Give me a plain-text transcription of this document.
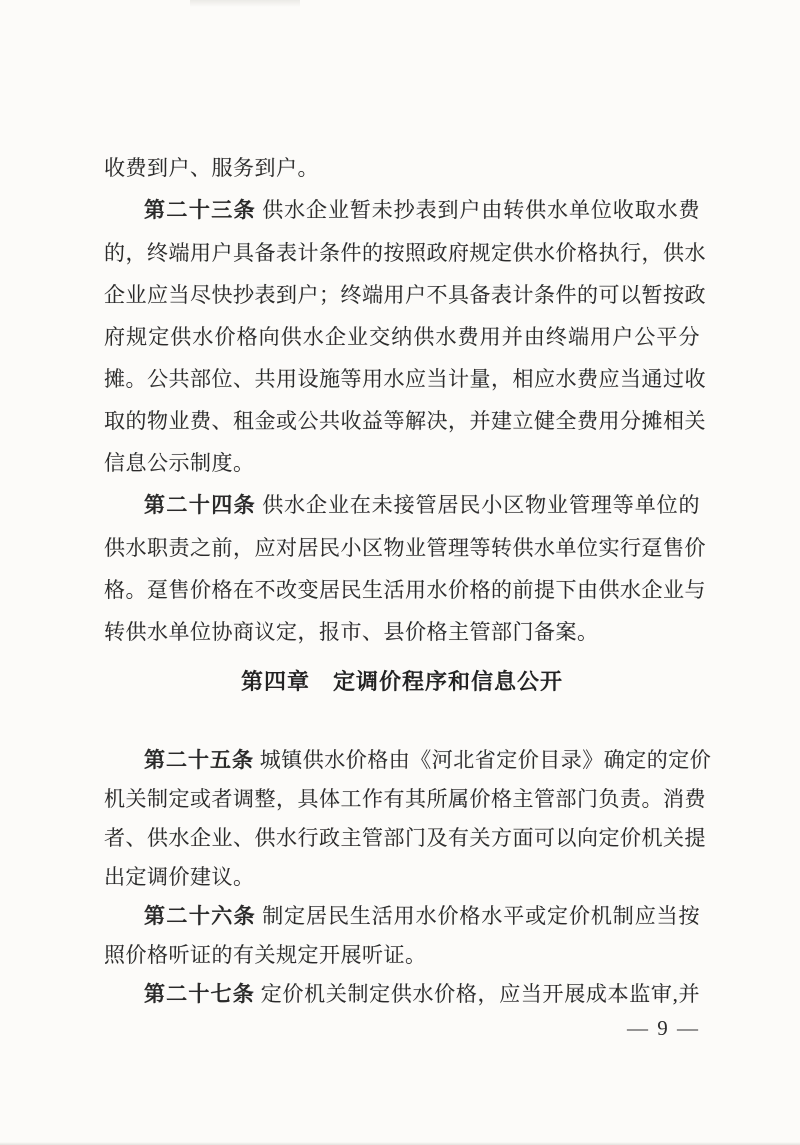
收费到户、服务到户。
第二十三条 供水企业暂未抄表到户由转供水单位收取水费
的，终端用户具备表计条件的按照政府规定供水价格执行，供水
企业应当尽快抄表到户；终端用户不具备表计条件的可以暂按政
府规定供水价格向供水企业交纳供水费用并由终端用户公平分
摊。公共部位、共用设施等用水应当计量，相应水费应当通过收
取的物业费、租金或公共收益等解决，并建立健全费用分摊相关
信息公示制度。
第二十四条 供水企业在未接管居民小区物业管理等单位的
供水职责之前，应对居民小区物业管理等转供水单位实行趸售价
格。趸售价格在不改变居民生活用水价格的前提下由供水企业与
转供水单位协商议定，报市、县价格主管部门备案。
第四章　定调价程序和信息公开
第二十五条 城镇供水价格由《河北省定价目录》确定的定价
机关制定或者调整，具体工作有其所属价格主管部门负责。消费
者、供水企业、供水行政主管部门及有关方面可以向定价机关提
出定调价建议。
第二十六条 制定居民生活用水价格水平或定价机制应当按
照价格听证的有关规定开展听证。
第二十七条 定价机关制定供水价格，应当开展成本监审,并
— 9 —
